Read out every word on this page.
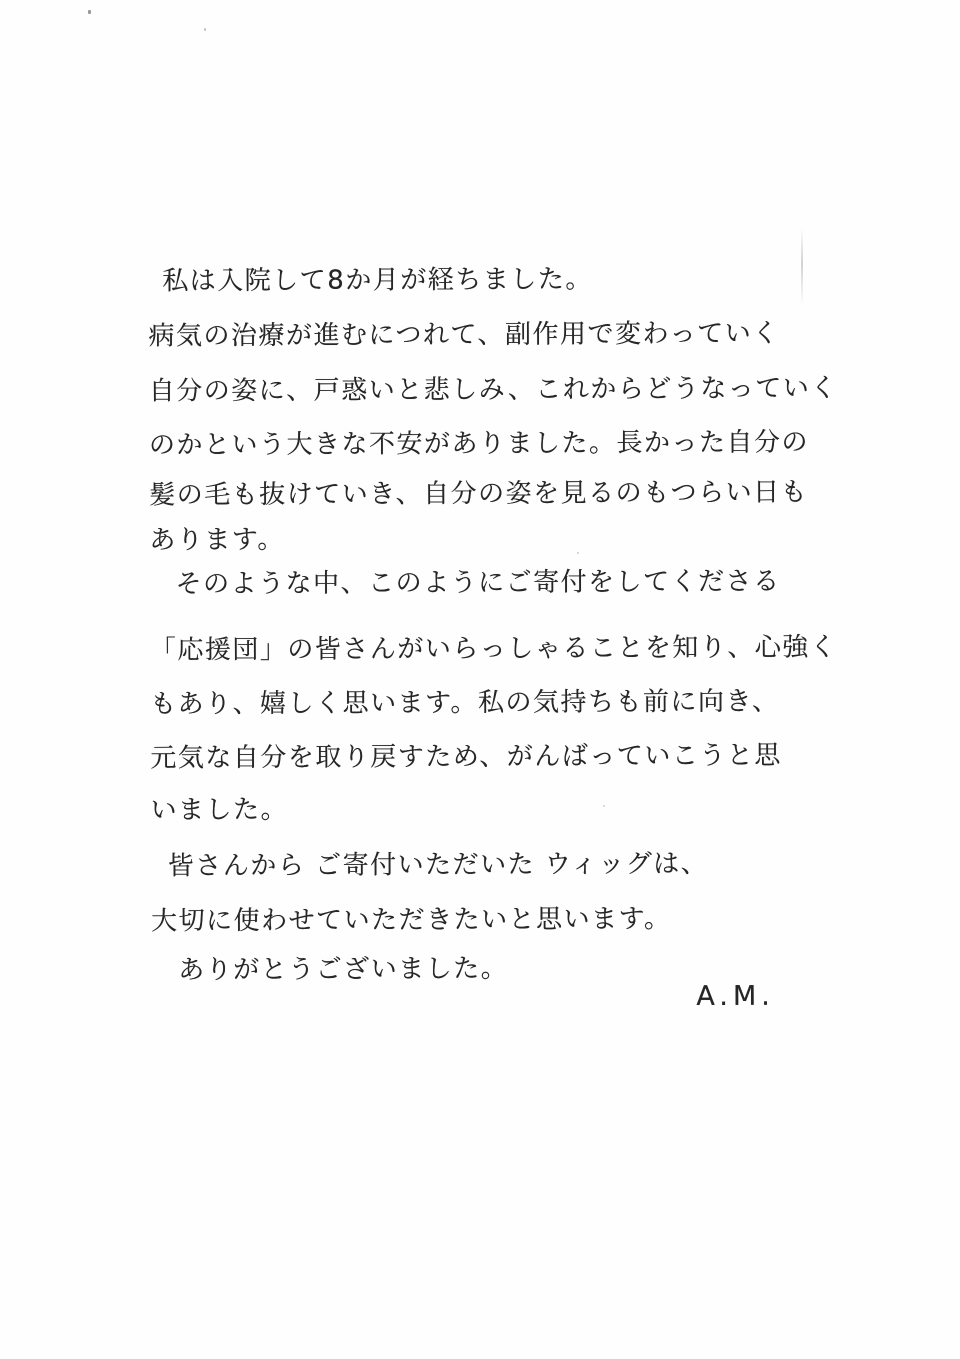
私は入院して8か月が経ちました。
病気の治療が進むにつれて、副作用で変わっていく
自分の姿に、戸惑いと悲しみ、これからどうなっていく
のかという大きな不安がありました。長かった自分の
髪の毛も抜けていき、自分の姿を見るのもつらい日も
あります。
そのような中、このようにご寄付をしてくださる
「応援団」の皆さんがいらっしゃることを知り、心強く
もあり、嬉しく思います。私の気持ちも前に向き、
元気な自分を取り戻すため、がんばっていこうと思
いました。
皆さんから ご寄付いただいた ウィッグは、
大切に使わせていただきたいと思います。
ありがとうございました。
A.M.
